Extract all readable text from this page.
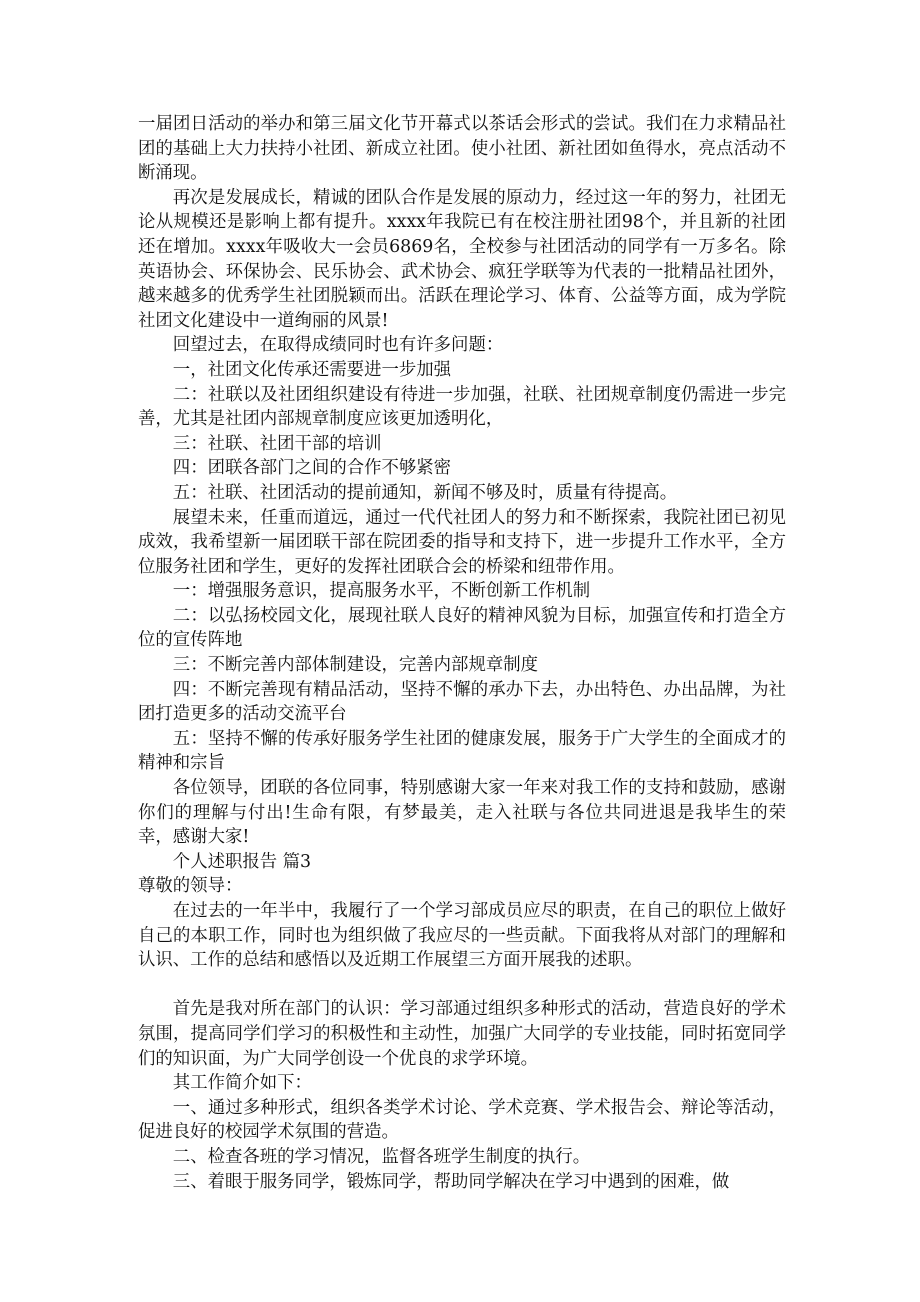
一届团日活动的举办和第三届文化节开幕式以茶话会形式的尝试。我们在力求精品社团的基础上大力扶持小社团、新成立社团。使小社团、新社团如鱼得水，亮点活动不断涌现。

再次是发展成长，精诚的团队合作是发展的原动力，经过这一年的努力，社团无论从规模还是影响上都有提升。xxxx年我院已有在校注册社团98个，并且新的社团还在增加。xxxx年吸收大一会员6869名，全校参与社团活动的同学有一万多名。除英语协会、环保协会、民乐协会、武术协会、疯狂学联等为代表的一批精品社团外，越来越多的优秀学生社团脱颖而出。活跃在理论学习、体育、公益等方面，成为学院社团文化建设中一道绚丽的风景!

回望过去，在取得成绩同时也有许多问题：

一，社团文化传承还需要进一步加强

二：社联以及社团组织建设有待进一步加强，社联、社团规章制度仍需进一步完善，尤其是社团内部规章制度应该更加透明化，

三：社联、社团干部的培训

四：团联各部门之间的合作不够紧密

五：社联、社团活动的提前通知，新闻不够及时，质量有待提高。

展望未来，任重而道远，通过一代代社团人的努力和不断探索，我院社团已初见成效，我希望新一届团联干部在院团委的指导和支持下，进一步提升工作水平，全方位服务社团和学生，更好的发挥社团联合会的桥梁和纽带作用。

一：增强服务意识，提高服务水平，不断创新工作机制

二：以弘扬校园文化，展现社联人良好的精神风貌为目标，加强宣传和打造全方位的宣传阵地

三：不断完善内部体制建设，完善内部规章制度

四：不断完善现有精品活动，坚持不懈的承办下去，办出特色、办出品牌，为社团打造更多的活动交流平台

五：坚持不懈的传承好服务学生社团的健康发展，服务于广大学生的全面成才的精神和宗旨

各位领导，团联的各位同事，特别感谢大家一年来对我工作的支持和鼓励，感谢你们的理解与付出!生命有限，有梦最美，走入社联与各位共同进退是我毕生的荣幸，感谢大家!

个人述职报告 篇3

尊敬的领导：

在过去的一年半中，我履行了一个学习部成员应尽的职责，在自己的职位上做好自己的本职工作，同时也为组织做了我应尽的一些贡献。下面我将从对部门的理解和认识、工作的总结和感悟以及近期工作展望三方面开展我的述职。

首先是我对所在部门的认识：学习部通过组织多种形式的活动，营造良好的学术氛围，提高同学们学习的积极性和主动性，加强广大同学的专业技能，同时拓宽同学们的知识面，为广大同学创设一个优良的求学环境。

其工作简介如下：

一、通过多种形式，组织各类学术讨论、学术竞赛、学术报告会、辩论等活动，促进良好的校园学术氛围的营造。

二、检查各班的学习情况，监督各班学生制度的执行。

三、着眼于服务同学，锻炼同学，帮助同学解决在学习中遇到的困难，做
